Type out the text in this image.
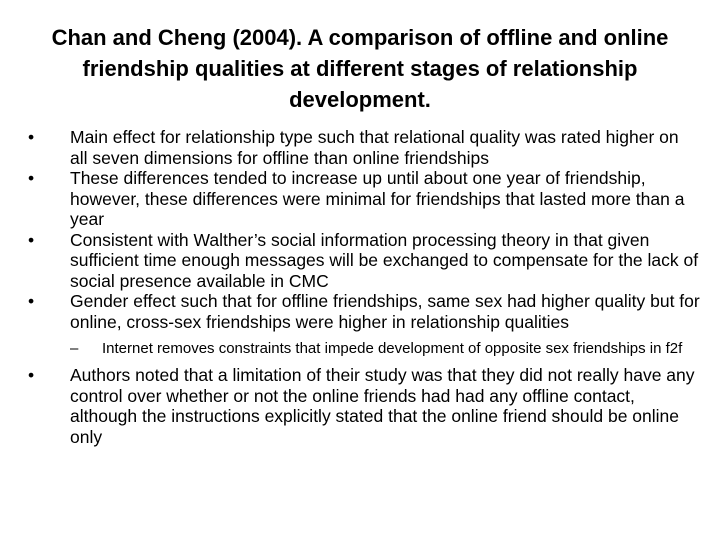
Chan and Cheng (2004). A comparison of offline and online friendship qualities at different stages of relationship development.
•	Main effect for relationship type such that relational quality was rated higher on all seven dimensions for offline than online friendships
•	These differences tended to increase up until about one year of friendship, however, these differences were minimal for friendships that lasted more than a year
•	Consistent with Walther’s social information processing theory in that given sufficient time enough messages will be exchanged to compensate for the lack of social presence available in CMC
•	Gender effect such that for offline friendships, same sex had higher quality but for online, cross-sex friendships were higher in relationship qualities
– Internet removes constraints that impede development of opposite sex friendships in f2f
•	Authors noted that a limitation of their study was that they did not really have any control over whether or not the online friends had had any offline contact, although the instructions explicitly stated that the online friend should be online only
